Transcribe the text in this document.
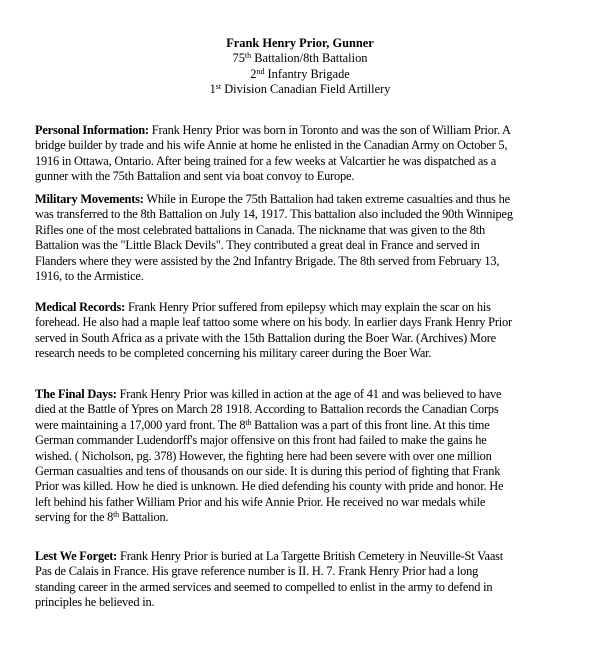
Frank Henry Prior, Gunner
75th Battalion/8th Battalion
2nd Infantry Brigade
1st Division Canadian Field Artillery
Personal Information: Frank Henry Prior was born in Toronto and was the son of William Prior. A
bridge builder by trade and his wife Annie at home he enlisted in the Canadian Army on October 5,
1916 in Ottawa, Ontario. After being trained for a few weeks at Valcartier he was dispatched as a
gunner with the 75th Battalion and sent via boat convoy to Europe.
Military Movements: While in Europe the 75th Battalion had taken extreme casualties and thus he
was transferred to the 8th Battalion on July 14, 1917. This battalion also included the 90th Winnipeg
Rifles one of the most celebrated battalions in Canada. The nickname that was given to the 8th
Battalion was the "Little Black Devils". They contributed a great deal in France and served in
Flanders where they were assisted by the 2nd Infantry Brigade. The 8th served from February 13,
1916, to the Armistice.
Medical Records: Frank Henry Prior suffered from epilepsy which may explain the scar on his
forehead. He also had a maple leaf tattoo some where on his body. In earlier days Frank Henry Prior
served in South Africa as a private with the 15th Battalion during the Boer War. (Archives) More
research needs to be completed concerning his military career during the Boer War.
The Final Days: Frank Henry Prior was killed in action at the age of 41 and was believed to have
died at the Battle of Ypres on March 28 1918. According to Battalion records the Canadian Corps
were maintaining a 17,000 yard front. The 8th Battalion was a part of this front line. At this time
German commander Ludendorff's major offensive on this front had failed to make the gains he
wished. ( Nicholson, pg. 378) However, the fighting here had been severe with over one million
German casualties and tens of thousands on our side. It is during this period of fighting that Frank
Prior was killed. How he died is unknown. He died defending his county with pride and honor. He
left behind his father William Prior and his wife Annie Prior. He received no war medals while
serving for the 8th Battalion.
Lest We Forget: Frank Henry Prior is buried at La Targette British Cemetery in Neuville-St Vaast
Pas de Calais in France. His grave reference number is II. H. 7. Frank Henry Prior had a long
standing career in the armed services and seemed to compelled to enlist in the army to defend in
principles he believed in.
